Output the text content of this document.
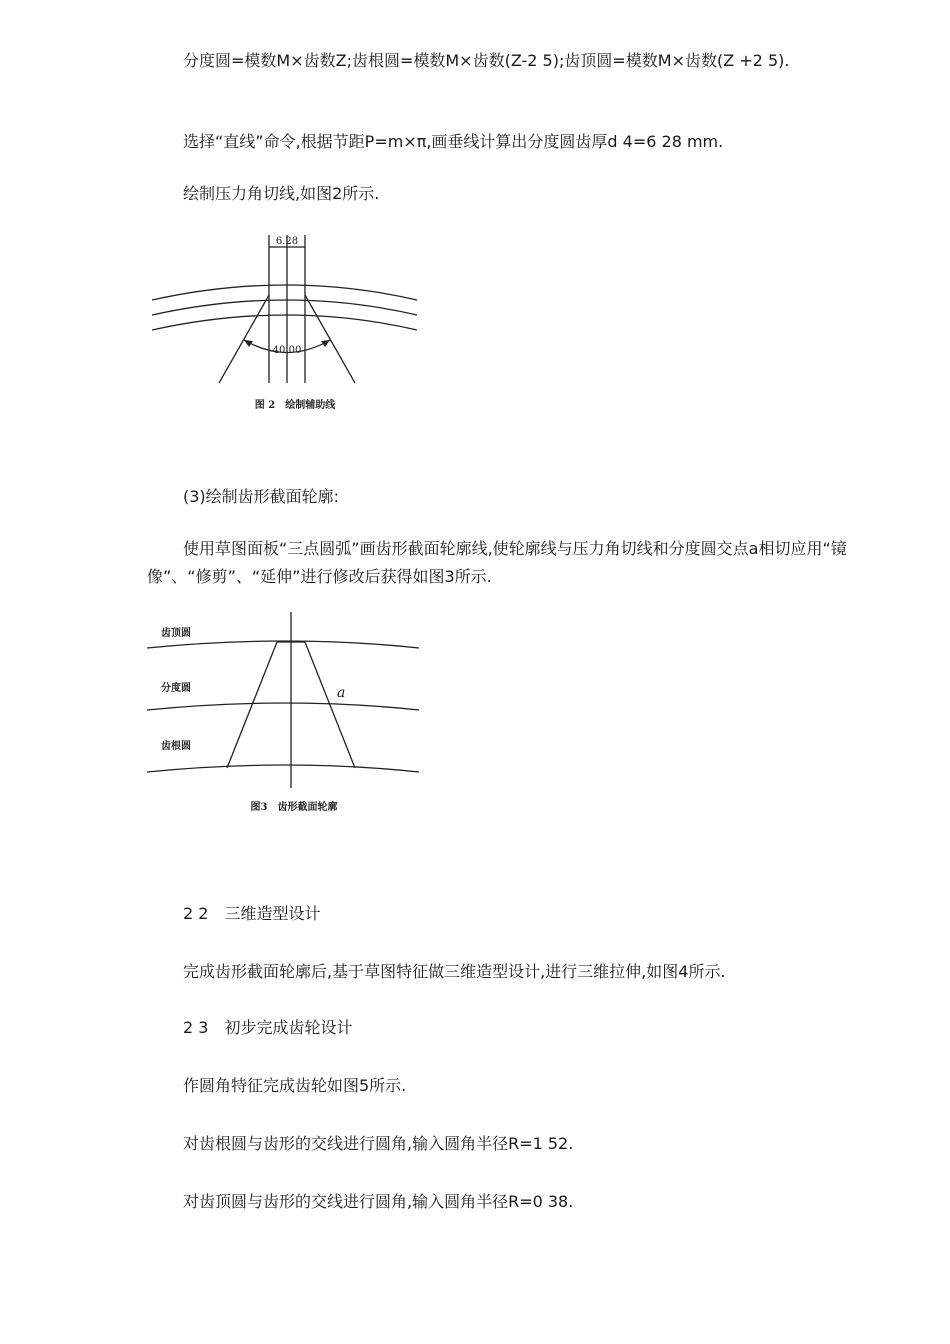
分度圆=模数M×齿数Z;齿根圆=模数M×齿数(Z-2 5);齿顶圆=模数M×齿数(Z +2 5).

选择“直线”命令,根据节距P=m×π,画垂线计算出分度圆齿厚d 4=6 28 mm.

绘制压力角切线,如图2所示.

6.28
40.00
图 2　绘制辅助线

(3)绘制齿形截面轮廓:

使用草图面板“三点圆弧”画齿形截面轮廓线,使轮廓线与压力角切线和分度圆交点a相切应用“镜像”、“修剪”、“延伸”进行修改后获得如图3所示.

齿顶圆
分度圆
齿根圆
a
图3　齿形截面轮廓

2 2　三维造型设计

完成齿形截面轮廓后,基于草图特征做三维造型设计,进行三维拉伸,如图4所示.

2 3　初步完成齿轮设计

作圆角特征完成齿轮如图5所示.

对齿根圆与齿形的交线进行圆角,输入圆角半径R=1 52.

对齿顶圆与齿形的交线进行圆角,输入圆角半径R=0 38.
